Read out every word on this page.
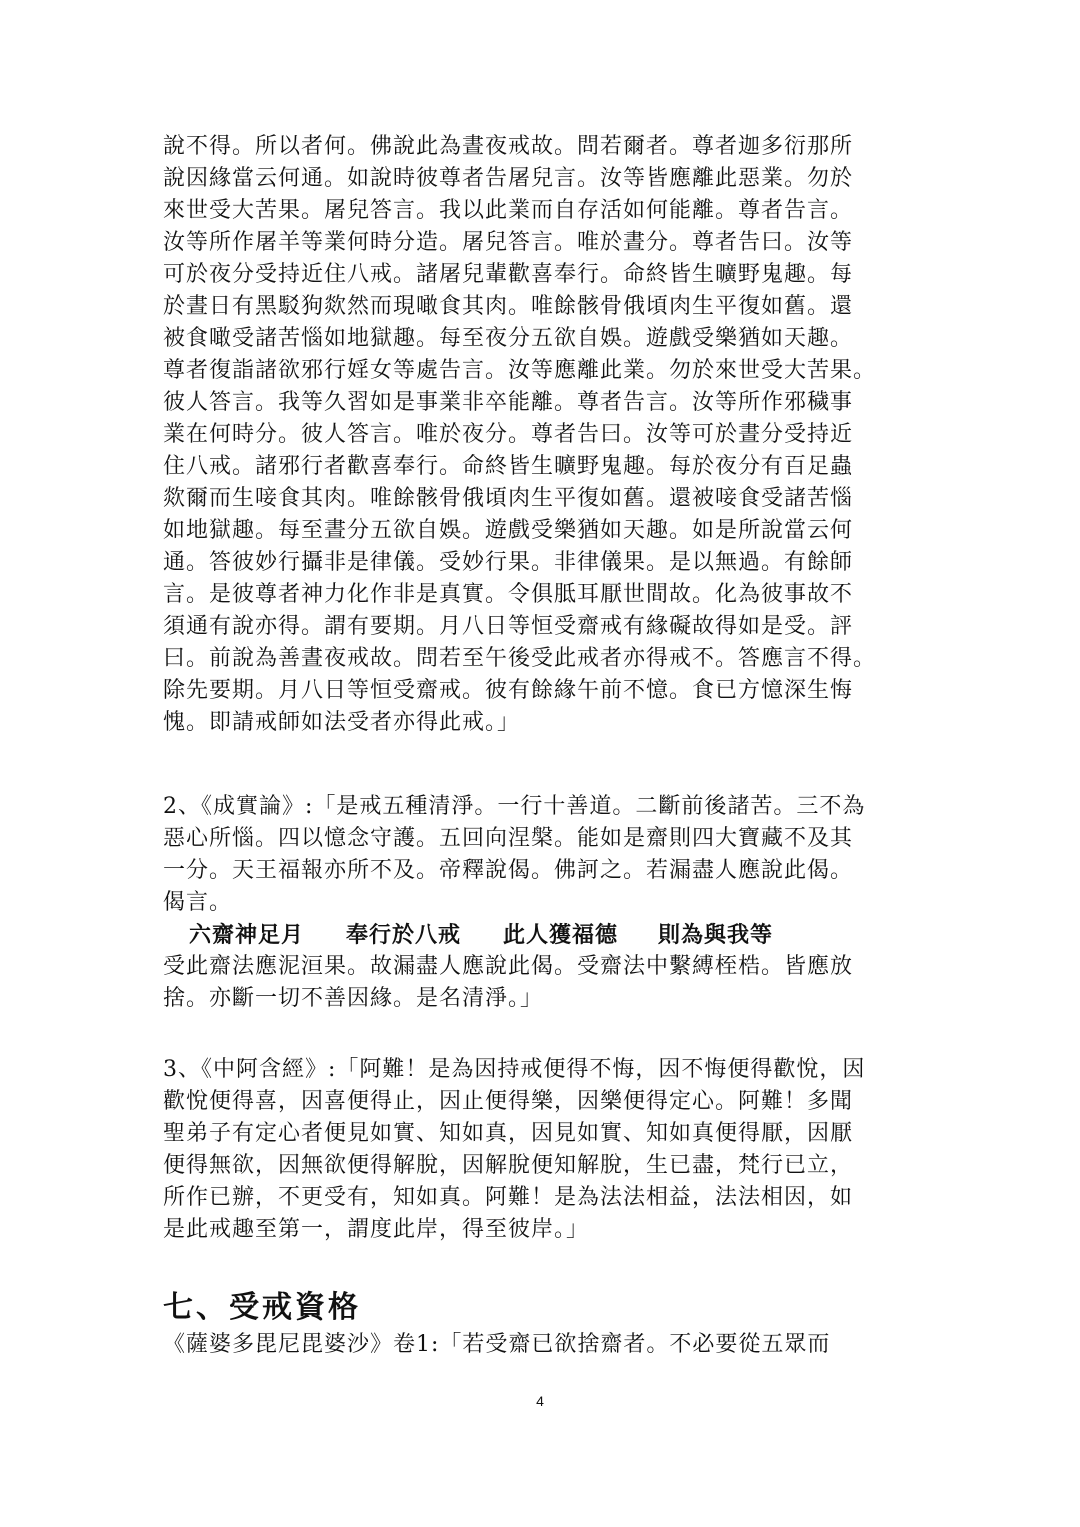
說不得。所以者何。佛說此為晝夜戒故。問若爾者。尊者迦多衍那所
說因緣當云何通。如說時彼尊者告屠兒言。汝等皆應離此惡業。勿於
來世受大苦果。屠兒答言。我以此業而自存活如何能離。尊者告言。
汝等所作屠羊等業何時分造。屠兒答言。唯於晝分。尊者告曰。汝等
可於夜分受持近住八戒。諸屠兒輩歡喜奉行。命終皆生曠野鬼趣。每
於晝日有黑駁狗欻然而現噉食其肉。唯餘骸骨俄頃肉生平復如舊。還
被食噉受諸苦惱如地獄趣。每至夜分五欲自娛。遊戲受樂猶如天趣。
尊者復詣諸欲邪行婬女等處告言。汝等應離此業。勿於來世受大苦果。
彼人答言。我等久習如是事業非卒能離。尊者告言。汝等所作邪穢事
業在何時分。彼人答言。唯於夜分。尊者告曰。汝等可於晝分受持近
住八戒。諸邪行者歡喜奉行。命終皆生曠野鬼趣。每於夜分有百足蟲
欻爾而生唼食其肉。唯餘骸骨俄頃肉生平復如舊。還被唼食受諸苦惱
如地獄趣。每至晝分五欲自娛。遊戲受樂猶如天趣。如是所說當云何
通。答彼妙行攝非是律儀。受妙行果。非律儀果。是以無過。有餘師
言。是彼尊者神力化作非是真實。令俱胝耳厭世間故。化為彼事故不
須通有說亦得。謂有要期。月八日等恒受齋戒有緣礙故得如是受。評
曰。前說為善晝夜戒故。問若至午後受此戒者亦得戒不。答應言不得。
除先要期。月八日等恒受齋戒。彼有餘緣午前不憶。食已方憶深生悔
愧。即請戒師如法受者亦得此戒。」
2、《成實論》:「是戒五種清淨。一行十善道。二斷前後諸苦。三不為
惡心所惱。四以憶念守護。五回向涅槃。能如是齋則四大寶藏不及其
一分。天王福報亦所不及。帝釋說偈。佛訶之。若漏盡人應說此偈。
偈言。
六齋神足月 奉行於八戒 此人獲福德 則為與我等
受此齋法應泥洹果。故漏盡人應說此偈。受齋法中繫縛桎梏。皆應放
捨。亦斷一切不善因緣。是名清淨。」
3、《中阿含經》:「阿難！是為因持戒便得不悔，因不悔便得歡悅，因
歡悅便得喜，因喜便得止，因止便得樂，因樂便得定心。阿難！多聞
聖弟子有定心者便見如實、知如真，因見如實、知如真便得厭，因厭
便得無欲，因無欲便得解脫，因解脫便知解脫，生已盡，梵行已立，
所作已辦，不更受有，知如真。阿難！是為法法相益，法法相因，如
是此戒趣至第一，謂度此岸，得至彼岸。」
七、受戒資格
《薩婆多毘尼毘婆沙》卷1:「若受齋已欲捨齋者。不必要從五眾而
4
